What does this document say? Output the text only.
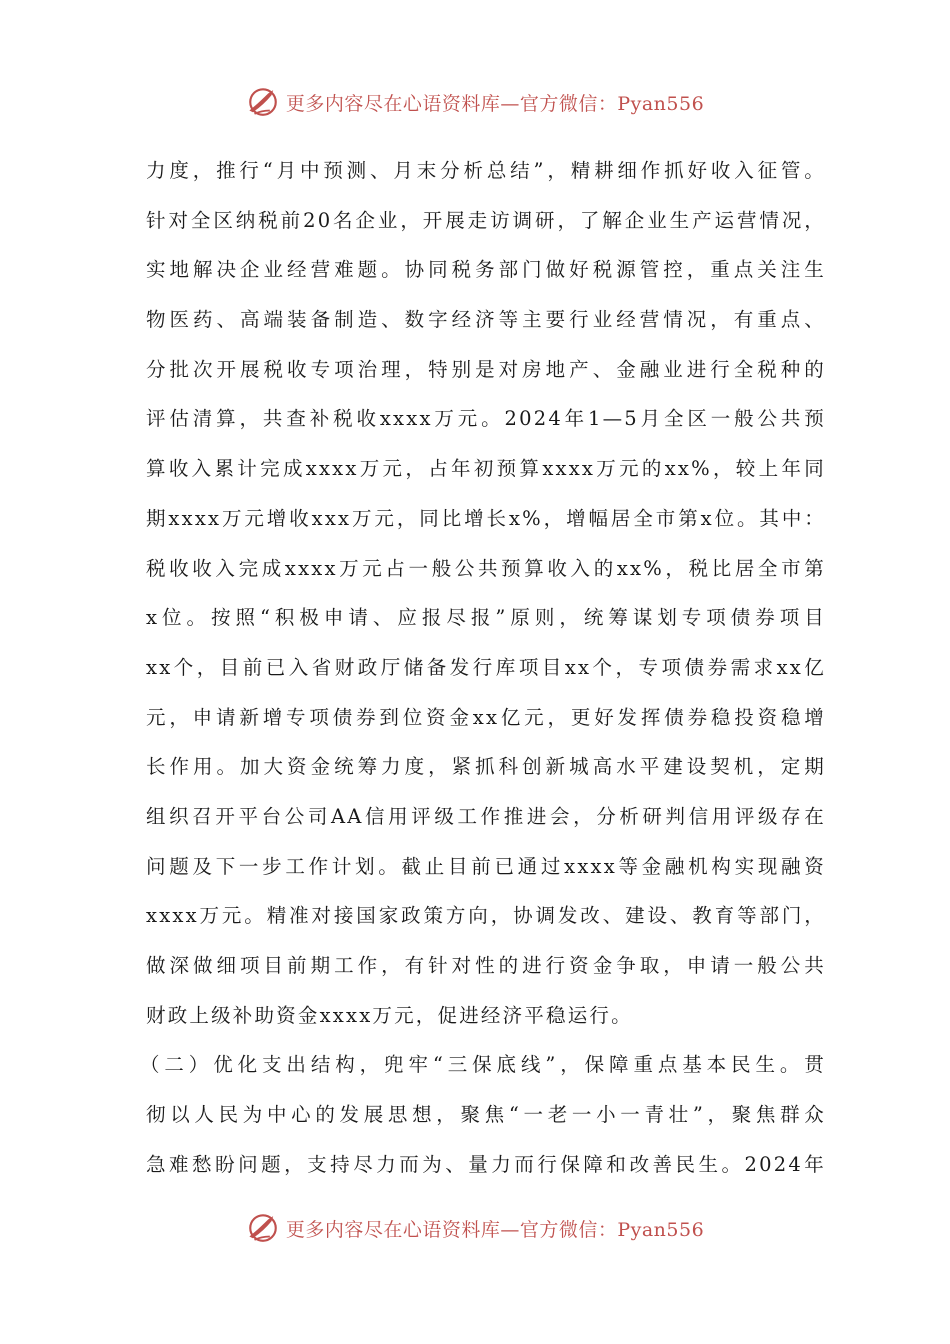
更多内容尽在心语资料库—官方微信：Pyan556
力度，推行“月中预测、月末分析总结”，精耕细作抓好收入征管。
针对全区纳税前20名企业，开展走访调研，了解企业生产运营情况，
实地解决企业经营难题。协同税务部门做好税源管控，重点关注生
物医药、高端装备制造、数字经济等主要行业经营情况，有重点、
分批次开展税收专项治理，特别是对房地产、金融业进行全税种的
评估清算，共查补税收xxxx万元。2024年1—5月全区一般公共预
算收入累计完成xxxx万元，占年初预算xxxx万元的xx%，较上年同
期xxxx万元增收xxx万元，同比增长x%，增幅居全市第x位。其中：
税收收入完成xxxx万元占一般公共预算收入的xx%，税比居全市第
x位。按照“积极申请、应报尽报”原则，统筹谋划专项债券项目
xx个，目前已入省财政厅储备发行库项目xx个，专项债券需求xx亿
元，申请新增专项债券到位资金xx亿元，更好发挥债券稳投资稳增
长作用。加大资金统筹力度，紧抓科创新城高水平建设契机，定期
组织召开平台公司AA信用评级工作推进会，分析研判信用评级存在
问题及下一步工作计划。截止目前已通过xxxx等金融机构实现融资
xxxx万元。精准对接国家政策方向，协调发改、建设、教育等部门，
做深做细项目前期工作，有针对性的进行资金争取，申请一般公共
财政上级补助资金xxxx万元，促进经济平稳运行。
（二）优化支出结构，兜牢“三保底线”，保障重点基本民生。贯
彻以人民为中心的发展思想，聚焦“一老一小一青壮”，聚焦群众
急难愁盼问题，支持尽力而为、量力而行保障和改善民生。2024年
更多内容尽在心语资料库—官方微信：Pyan556
